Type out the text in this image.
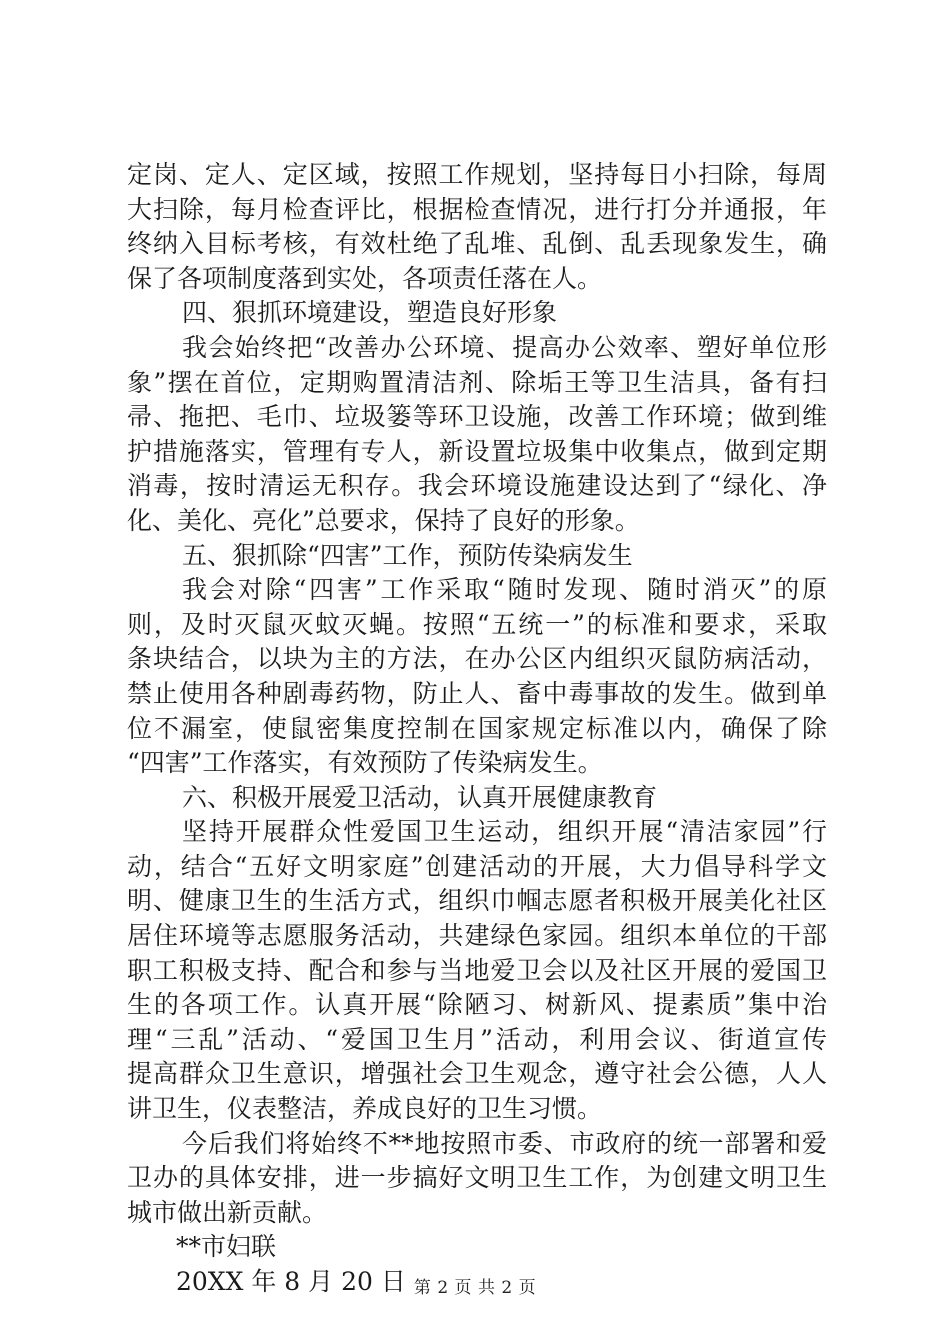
定岗、定人、定区域，按照工作规划，坚持每日小扫除，每周
大扫除，每月检查评比，根据检查情况，进行打分并通报，年
终纳入目标考核，有效杜绝了乱堆、乱倒、乱丢现象发生，确
保了各项制度落到实处，各项责任落在人。
四、狠抓环境建设，塑造良好形象
我会始终把“改善办公环境、提高办公效率、塑好单位形
象”摆在首位，定期购置清洁剂、除垢王等卫生洁具，备有扫
帚、拖把、毛巾、垃圾篓等环卫设施，改善工作环境；做到维
护措施落实，管理有专人，新设置垃圾集中收集点，做到定期
消毒，按时清运无积存。我会环境设施建设达到了“绿化、净
化、美化、亮化”总要求，保持了良好的形象。
五、狠抓除“四害”工作，预防传染病发生
我会对除“四害”工作采取“随时发现、随时消灭”的原
则，及时灭鼠灭蚊灭蝇。按照“五统一”的标准和要求，采取
条块结合，以块为主的方法，在办公区内组织灭鼠防病活动，
禁止使用各种剧毒药物，防止人、畜中毒事故的发生。做到单
位不漏室，使鼠密集度控制在国家规定标准以内，确保了除
“四害”工作落实，有效预防了传染病发生。
六、积极开展爱卫活动，认真开展健康教育
坚持开展群众性爱国卫生运动，组织开展“清洁家园”行
动，结合“五好文明家庭”创建活动的开展，大力倡导科学文
明、健康卫生的生活方式，组织巾帼志愿者积极开展美化社区
居住环境等志愿服务活动，共建绿色家园。组织本单位的干部
职工积极支持、配合和参与当地爱卫会以及社区开展的爱国卫
生的各项工作。认真开展“除陋习、树新风、提素质”集中治
理“三乱”活动、“爱国卫生月”活动，利用会议、街道宣传
提高群众卫生意识，增强社会卫生观念，遵守社会公德，人人
讲卫生，仪表整洁，养成良好的卫生习惯。
今后我们将始终不**地按照市委、市政府的统一部署和爱
卫办的具体安排，进一步搞好文明卫生工作，为创建文明卫生
城市做出新贡献。
**市妇联
20XX 年 8 月 20 日 第 2 页 共 2 页
